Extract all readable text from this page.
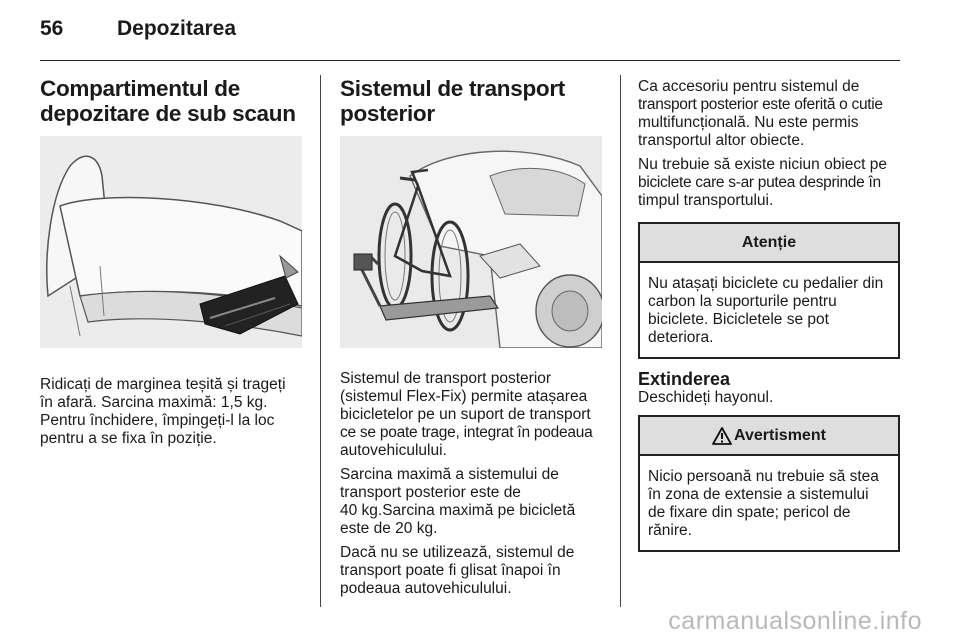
56	Depozitarea
Compartimentul de
depozitare de sub scaun

Ridicați de marginea teșită și trageți

în afară. Sarcina maximă: 1,5 kg.

Pentru închidere, împingeți-l la loc

pentru a se fixa în poziție.

Sistemul de transport
posterior

Sistemul de transport posterior

(sistemul Flex-Fix) permite atașarea

bicicletelor pe un suport de transport

ce se poate trage, integrat în podeaua

autovehiculului.

Sarcina maximă a sistemului de

transport posterior este de

40 kg.Sarcina maximă pe bicicletă

este de 20 kg.

Dacă nu se utilizează, sistemul de

transport poate fi glisat înapoi în

podeaua autovehiculului.

Ca accesoriu pentru sistemul de

transport posterior este oferită o cutie

multifuncțională. Nu este permis

transportul altor obiecte.

Nu trebuie să existe niciun obiect pe

biciclete care s-ar putea desprinde în

timpul transportului.

Atenție

Nu atașați biciclete cu pedalier din

carbon la suporturile pentru

biciclete. Bicicletele se pot

deteriora.

Extinderea

Deschideți hayonul.

Avertisment

Nicio persoană nu trebuie să stea

în zona de extensie a sistemului

de fixare din spate; pericol de

rănire.

carmanualsonline.info
